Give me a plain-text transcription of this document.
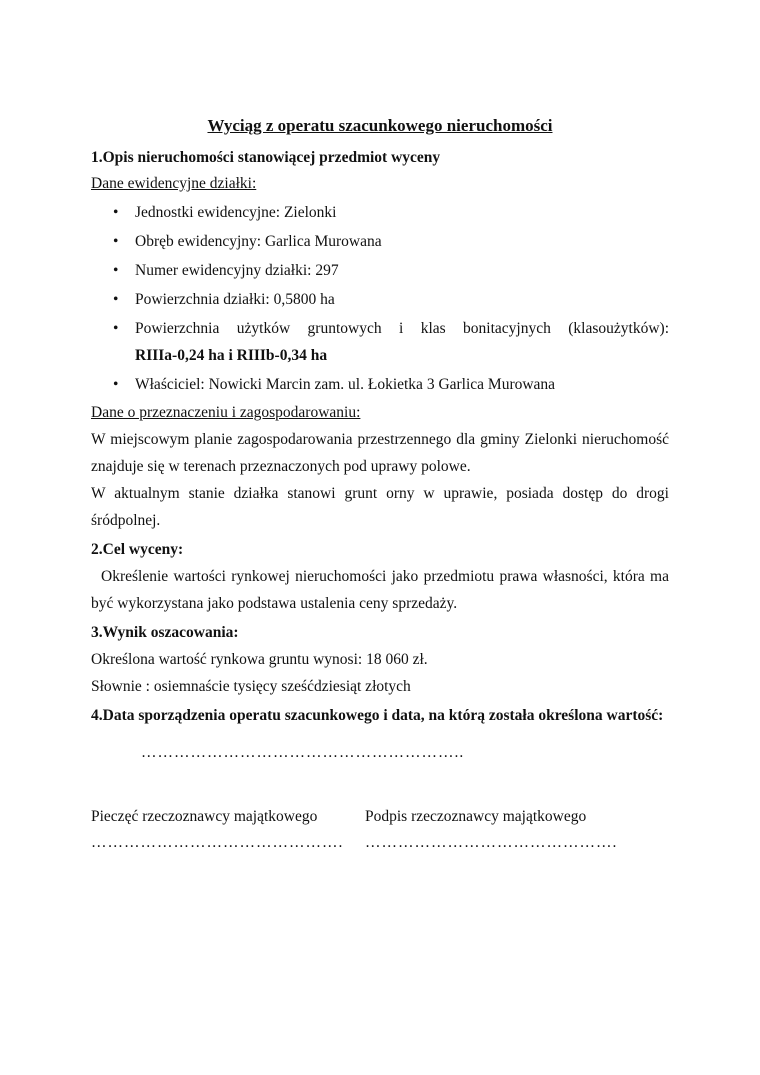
Wyciąg z operatu szacunkowego nieruchomości

1.Opis nieruchomości stanowiącej przedmiot wyceny

Dane ewidencyjne działki:

• Jednostki ewidencyjne: Zielonki
• Obręb ewidencyjny: Garlica Murowana
• Numer ewidencyjny działki: 297
• Powierzchnia działki: 0,5800 ha
• Powierzchnia użytków gruntowych i klas bonitacyjnych (klasoużytków):
RIIIa-0,24 ha i RIIIb-0,34 ha
• Właściciel: Nowicki Marcin zam. ul. Łokietka 3 Garlica Murowana

Dane o przeznaczeniu i zagospodarowaniu:

W miejscowym planie zagospodarowania przestrzennego dla gminy Zielonki nieruchomość znajduje się w terenach przeznaczonych pod uprawy polowe.

W aktualnym stanie działka stanowi grunt orny w uprawie, posiada dostęp do drogi śródpolnej.

2.Cel wyceny:

Określenie wartości rynkowej nieruchomości jako przedmiotu prawa własności, która ma być wykorzystana jako podstawa ustalenia ceny sprzedaży.

3.Wynik oszacowania:

Określona wartość rynkowa gruntu wynosi: 18 060 zł.

Słownie : osiemnaście tysięcy sześćdziesiąt złotych

4.Data sporządzenia operatu szacunkowego i data, na którą została określona wartość:

…………………………………………………..

Pieczęć rzeczoznawcy majątkowego
……………………………………….
Podpis rzeczoznawcy majątkowego
……………………………………….
